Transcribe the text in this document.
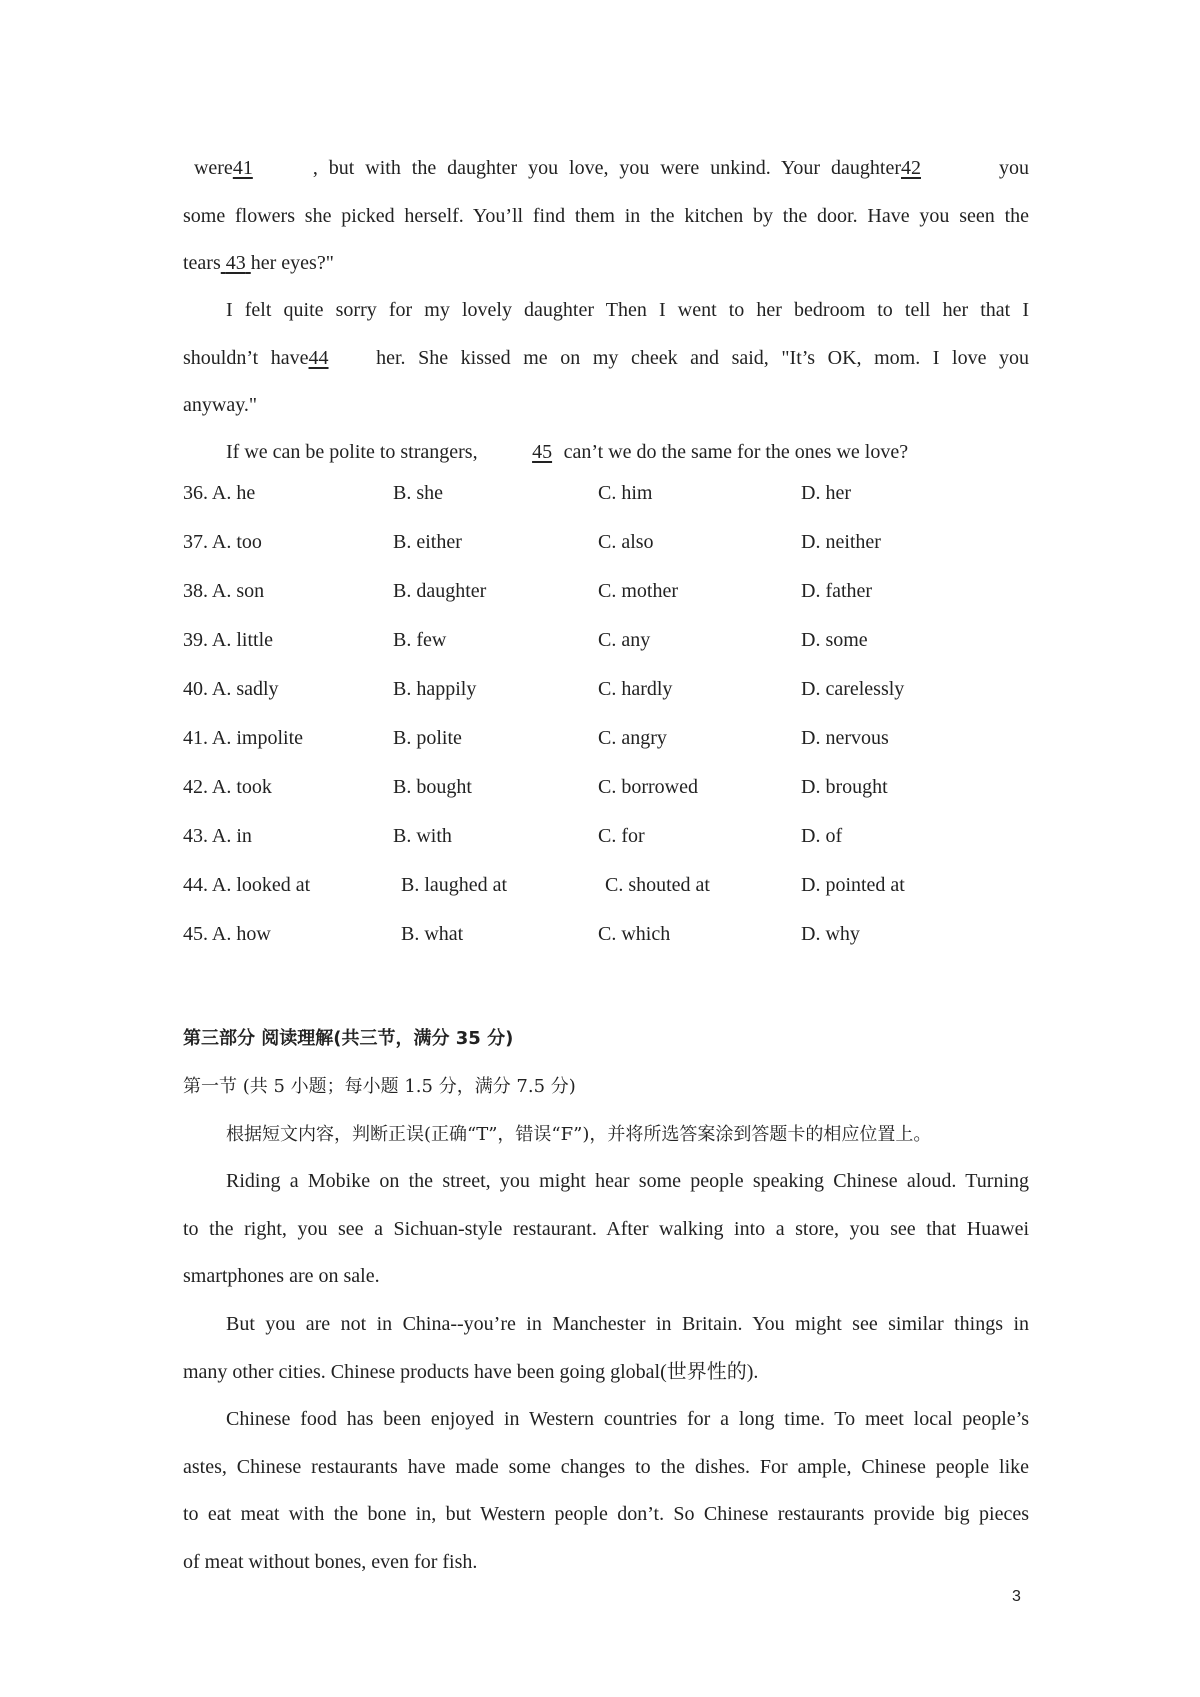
were41	, but with the daughter you love, you were unkind. Your daughter42	you
some flowers she picked herself. You’ll find them in the kitchen by the door. Have you seen the
tears 43 her eyes?"
I felt quite sorry for my lovely daughter Then I went to her bedroom to tell her that I
shouldn’t have44 her. She kissed me on my cheek and said, "It’s OK, mom. I love you
anyway."
If we can be polite to strangers,	45 can’t we do the same for the ones we love?
36. A. he	B. she	C. him	D. her
37. A. too	B. either	C. also	D. neither
38. A. son	B. daughter	C. mother	D. father
39. A. little	B. few	C. any	D. some
40. A. sadly	B. happily	C. hardly	D. carelessly
41. A. impolite	B. polite	C. angry	D. nervous
42. A. took	B. bought	C. borrowed	D. brought
43. A. in	B. with	C. for	D. of
44. A. looked at	B. laughed at	C. shouted at	D. pointed at
45. A. how	B. what	C. which	D. why
第三部分 阅读理解(共三节，满分 35 分)
第一节 (共 5 小题；每小题 1.5 分，满分 7.5 分)
根据短文内容，判断正误(正确“T”，错误“F”)，并将所选答案涂到答题卡的相应位置上。
Riding a Mobike on the street, you might hear some people speaking Chinese aloud. Turning
to the right, you see a Sichuan-style restaurant. After walking into a store, you see that Huawei
smartphones are on sale.
But you are not in China--you’re in Manchester in Britain. You might see similar things in
many other cities. Chinese products have been going global(世界性的).
Chinese food has been enjoyed in Western countries for a long time. To meet local people’s
astes, Chinese restaurants have made some changes to the dishes. For ample, Chinese people like
to eat meat with the bone in, but Western people don’t. So Chinese restaurants provide big pieces
of meat without bones, even for fish.
3
